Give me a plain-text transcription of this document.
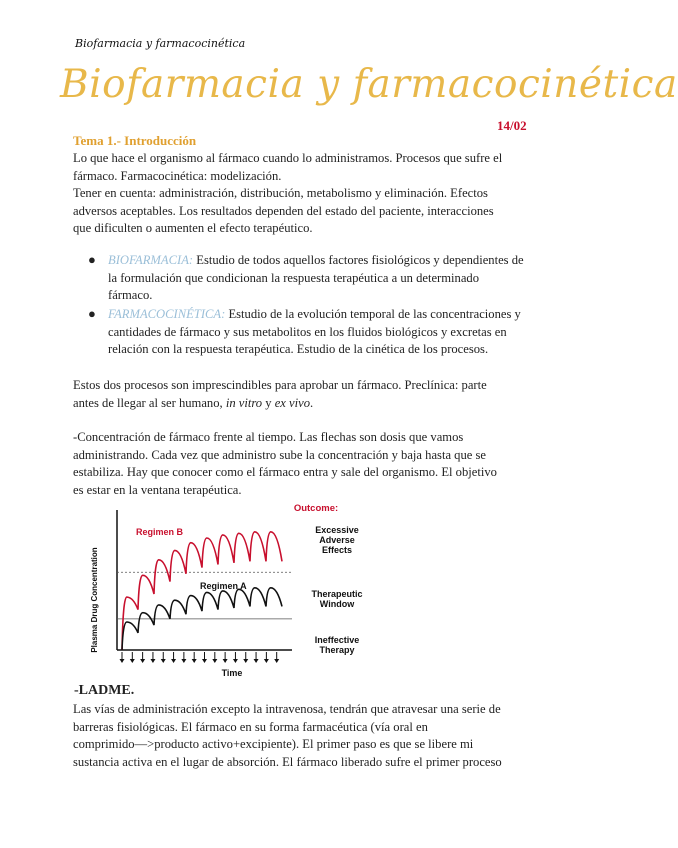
Biofarmacia y farmacocinética
Biofarmacia y farmacocinética
14/02
Tema 1.- Introducción
Lo que hace el organismo al fármaco cuando lo administramos. Procesos que sufre el
fármaco. Farmacocinética: modelización.
Tener en cuenta: administración, distribución, metabolismo y eliminación. Efectos
adversos aceptables. Los resultados dependen del estado del paciente, interacciones
que dificulten o aumenten el efecto terapéutico.
● BIOFARMACIA: Estudio de todos aquellos factores fisiológicos y dependientes de
la formulación que condicionan la respuesta terapéutica a un determinado
fármaco.
● FARMACOCINÉTICA: Estudio de la evolución temporal de las concentraciones y
cantidades de fármaco y sus metabolitos en los fluidos biológicos y excretas en
relación con la respuesta terapéutica. Estudio de la cinética de los procesos.
Estos dos procesos son imprescindibles para aprobar un fármaco. Preclínica: parte
antes de llegar al ser humano, in vitro y ex vivo.
-Concentración de fármaco frente al tiempo. Las flechas son dosis que vamos
administrando. Cada vez que administro sube la concentración y baja hasta que se
estabiliza. Hay que conocer como el fármaco entra y sale del organismo. El objetivo
es estar en la ventana terapéutica.
Outcome:
Plasma Drug Concentration
Time
Excessive
Adverse
Effects
Therapeutic
Window
Ineffective
Therapy
Regimen B
Regimen A
-LADME.
Las vías de administración excepto la intravenosa, tendrán que atravesar una serie de
barreras fisiológicas. El fármaco en su forma farmacéutica (vía oral en
comprimido—>producto activo+excipiente). El primer paso es que se libere mi
sustancia activa en el lugar de absorción. El fármaco liberado sufre el primer proceso
